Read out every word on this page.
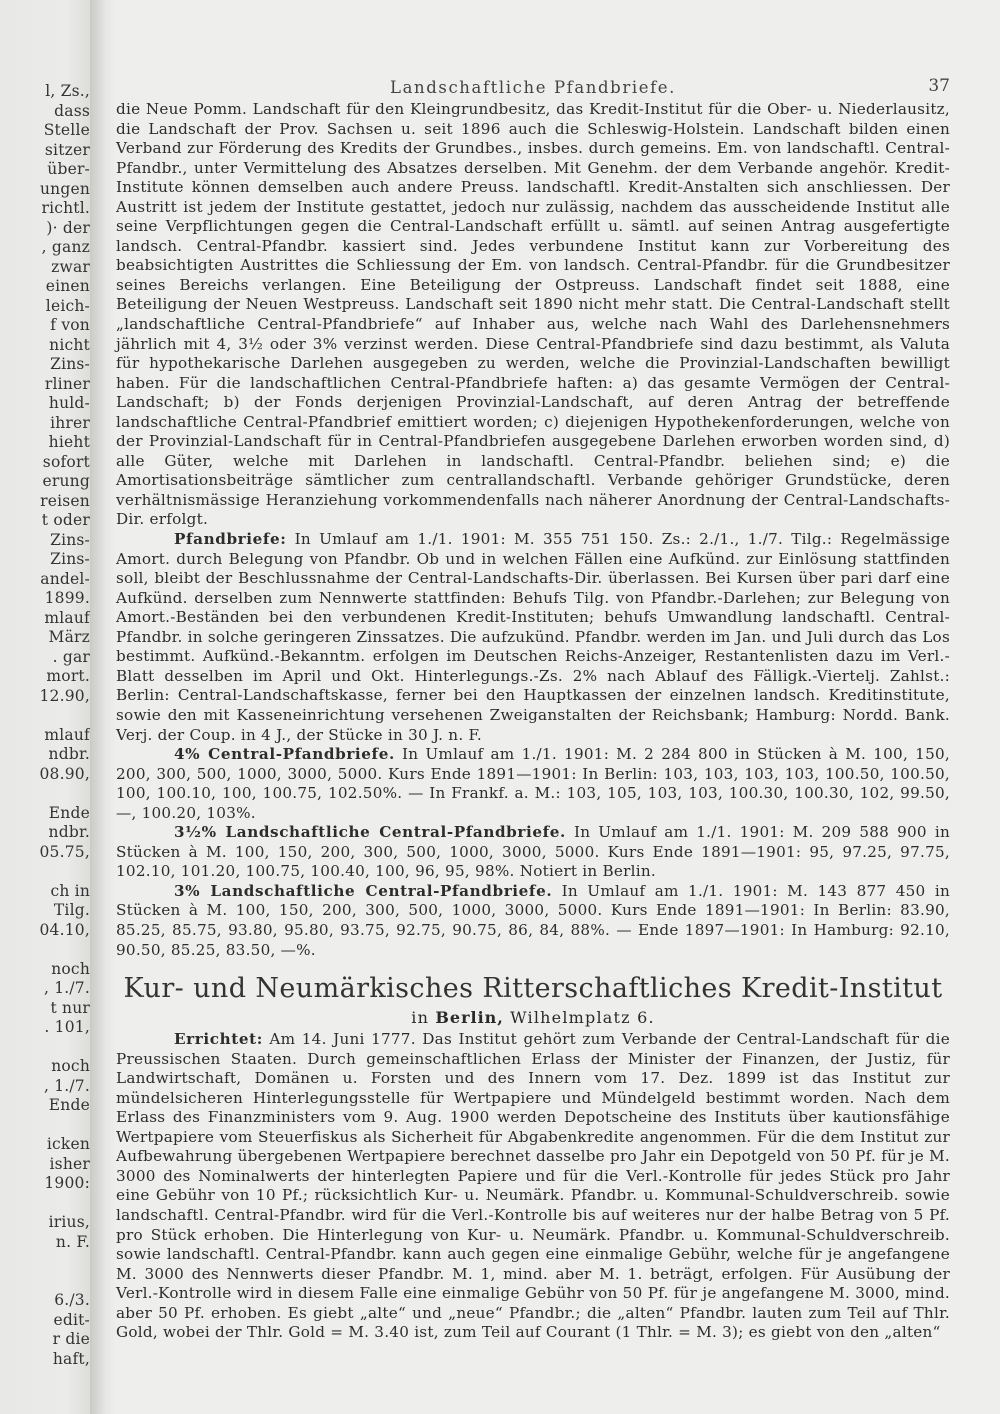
l, Zs.,
dass
Stelle
sitzer
über-
ungen
richtl.
)· der
, ganz
zwar
einen
leich-
f von
nicht
Zins-
rliner
huld-
ihrer
hieht
sofort
erung
reisen
t oder
Zins-
Zins-
andel-
1899.
mlauf
März
. gar
mort.
12.90,
mlauf
ndbr.
08.90,
Ende
ndbr.
05.75,
ch in
Tilg.
04.10,
noch
, 1./7.
t nur
. 101,
noch
, 1./7.
Ende
icken
isher
1900:
irius,
n. F.
6./3.
edit-
r die
haft,
Landschaftliche Pfandbriefe.	37

die Neue Pomm. Landschaft für den Kleingrundbesitz, das Kredit-Institut für die Ober- u. Niederlausitz, die Landschaft der Prov. Sachsen u. seit 1896 auch die Schleswig-Holstein. Landschaft bilden einen Verband zur Förderung des Kredits der Grundbes., insbes. durch gemeins. Em. von landschaftl. Central-Pfandbr., unter Vermittelung des Absatzes derselben. Mit Genehm. der dem Verbande angehör. Kredit-Institute können demselben auch andere Preuss. landschaftl. Kredit-Anstalten sich anschliessen. Der Austritt ist jedem der Institute gestattet, jedoch nur zulässig, nachdem das ausscheidende Institut alle seine Verpflichtungen gegen die Central-Landschaft erfüllt u. sämtl. auf seinen Antrag ausgefertigte landsch. Central-Pfandbr. kassiert sind. Jedes verbundene Institut kann zur Vorbereitung des beabsichtigten Austrittes die Schliessung der Em. von landsch. Central-Pfandbr. für die Grundbesitzer seines Bereichs verlangen. Eine Beteiligung der Ostpreuss. Landschaft findet seit 1888, eine Beteiligung der Neuen Westpreuss. Landschaft seit 1890 nicht mehr statt. Die Central-Landschaft stellt „landschaftliche Central-Pfandbriefe“ auf Inhaber aus, welche nach Wahl des Darlehensnehmers jährlich mit 4, 3½ oder 3% verzinst werden. Diese Central-Pfandbriefe sind dazu bestimmt, als Valuta für hypothekarische Darlehen ausgegeben zu werden, welche die Provinzial-Landschaften bewilligt haben. Für die landschaftlichen Central-Pfandbriefe haften: a) das gesamte Vermögen der Central-Landschaft; b) der Fonds derjenigen Provinzial-Landschaft, auf deren Antrag der betreffende landschaftliche Central-Pfandbrief emittiert worden; c) diejenigen Hypothekenforderungen, welche von der Provinzial-Landschaft für in Central-Pfandbriefen ausgegebene Darlehen erworben worden sind, d) alle Güter, welche mit Darlehen in landschaftl. Central-Pfandbr. beliehen sind; e) die Amortisationsbeiträge sämtlicher zum centrallandschaftl. Verbande gehöriger Grundstücke, deren verhältnismässige Heranziehung vorkommendenfalls nach näherer Anordnung der Central-Landschafts-Dir. erfolgt.

Pfandbriefe: In Umlauf am 1./1. 1901: M. 355 751 150. Zs.: 2./1., 1./7. Tilg.: Regelmässige Amort. durch Belegung von Pfandbr. Ob und in welchen Fällen eine Aufkünd. zur Einlösung stattfinden soll, bleibt der Beschlussnahme der Central-Landschafts-Dir. überlassen. Bei Kursen über pari darf eine Aufkünd. derselben zum Nennwerte stattfinden: Behufs Tilg. von Pfandbr.-Darlehen; zur Belegung von Amort.-Beständen bei den verbundenen Kredit-Instituten; behufs Umwandlung landschaftl. Central-Pfandbr. in solche geringeren Zinssatzes. Die aufzukünd. Pfandbr. werden im Jan. und Juli durch das Los bestimmt. Aufkünd.-Bekanntm. erfolgen im Deutschen Reichs-Anzeiger, Restantenlisten dazu im Verl.-Blatt desselben im April und Okt. Hinterlegungs.-Zs. 2% nach Ablauf des Fälligk.-Viertelj. Zahlst.: Berlin: Central-Landschaftskasse, ferner bei den Hauptkassen der einzelnen landsch. Kreditinstitute, sowie den mit Kasseneinrichtung versehenen Zweiganstalten der Reichsbank; Hamburg: Nordd. Bank. Verj. der Coup. in 4 J., der Stücke in 30 J. n. F.

4% Central-Pfandbriefe. In Umlauf am 1./1. 1901: M. 2 284 800 in Stücken à M. 100, 150, 200, 300, 500, 1000, 3000, 5000. Kurs Ende 1891—1901: In Berlin: 103, 103, 103, 103, 100.50, 100.50, 100, 100.10, 100, 100.75, 102.50%. — In Frankf. a. M.: 103, 105, 103, 103, 100.30, 100.30, 102, 99.50, —, 100.20, 103%.

3½% Landschaftliche Central-Pfandbriefe. In Umlauf am 1./1. 1901: M. 209 588 900 in Stücken à M. 100, 150, 200, 300, 500, 1000, 3000, 5000. Kurs Ende 1891—1901: 95, 97.25, 97.75, 102.10, 101.20, 100.75, 100.40, 100, 96, 95, 98%. Notiert in Berlin.

3% Landschaftliche Central-Pfandbriefe. In Umlauf am 1./1. 1901: M. 143 877 450 in Stücken à M. 100, 150, 200, 300, 500, 1000, 3000, 5000. Kurs Ende 1891—1901: In Berlin: 83.90, 85.25, 85.75, 93.80, 95.80, 93.75, 92.75, 90.75, 86, 84, 88%. — Ende 1897—1901: In Hamburg: 92.10, 90.50, 85.25, 83.50, —%.

Kur- und Neumärkisches Ritterschaftliches Kredit-Institut
in Berlin, Wilhelmplatz 6.

Errichtet: Am 14. Juni 1777. Das Institut gehört zum Verbande der Central-Landschaft für die Preussischen Staaten. Durch gemeinschaftlichen Erlass der Minister der Finanzen, der Justiz, für Landwirtschaft, Domänen u. Forsten und des Innern vom 17. Dez. 1899 ist das Institut zur mündelsicheren Hinterlegungsstelle für Wertpapiere und Mündelgeld bestimmt worden. Nach dem Erlass des Finanzministers vom 9. Aug. 1900 werden Depotscheine des Instituts über kautionsfähige Wertpapiere vom Steuerfiskus als Sicherheit für Abgabenkredite angenommen. Für die dem Institut zur Aufbewahrung übergebenen Wertpapiere berechnet dasselbe pro Jahr ein Depotgeld von 50 Pf. für je M. 3000 des Nominalwerts der hinterlegten Papiere und für die Verl.-Kontrolle für jedes Stück pro Jahr eine Gebühr von 10 Pf.; rücksichtlich Kur- u. Neumärk. Pfandbr. u. Kommunal-Schuldverschreib. sowie landschaftl. Central-Pfandbr. wird für die Verl.-Kontrolle bis auf weiteres nur der halbe Betrag von 5 Pf. pro Stück erhoben. Die Hinterlegung von Kur- u. Neumärk. Pfandbr. u. Kommunal-Schuldverschreib. sowie landschaftl. Central-Pfandbr. kann auch gegen eine einmalige Gebühr, welche für je angefangene M. 3000 des Nennwerts dieser Pfandbr. M. 1, mind. aber M. 1. beträgt, erfolgen. Für Ausübung der Verl.-Kontrolle wird in diesem Falle eine einmalige Gebühr von 50 Pf. für je angefangene M. 3000, mind. aber 50 Pf. erhoben. Es giebt „alte“ und „neue“ Pfandbr.; die „alten“ Pfandbr. lauten zum Teil auf Thlr. Gold, wobei der Thlr. Gold = M. 3.40 ist, zum Teil auf Courant (1 Thlr. = M. 3); es giebt von den „alten“
